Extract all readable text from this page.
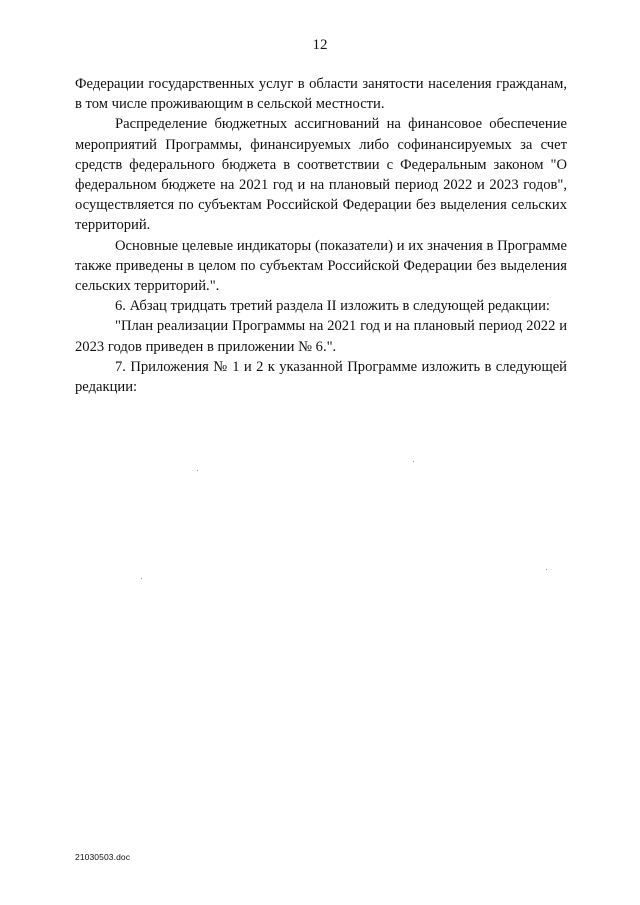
12

Федерации государственных услуг в области занятости населения гражданам, в том числе проживающим в сельской местности.

Распределение бюджетных ассигнований на финансовое обеспечение мероприятий Программы, финансируемых либо софинансируемых за счет средств федерального бюджета в соответствии с Федеральным законом "О федеральном бюджете на 2021 год и на плановый период 2022 и 2023 годов", осуществляется по субъектам Российской Федерации без выделения сельских территорий.

Основные целевые индикаторы (показатели) и их значения в Программе также приведены в целом по субъектам Российской Федерации без выделения сельских территорий.".

6. Абзац тридцать третий раздела II изложить в следующей редакции:

"План реализации Программы на 2021 год и на плановый период 2022 и 2023 годов приведен в приложении № 6.".

7. Приложения № 1 и 2 к указанной Программе изложить в следующей редакции:

21030503.doc
